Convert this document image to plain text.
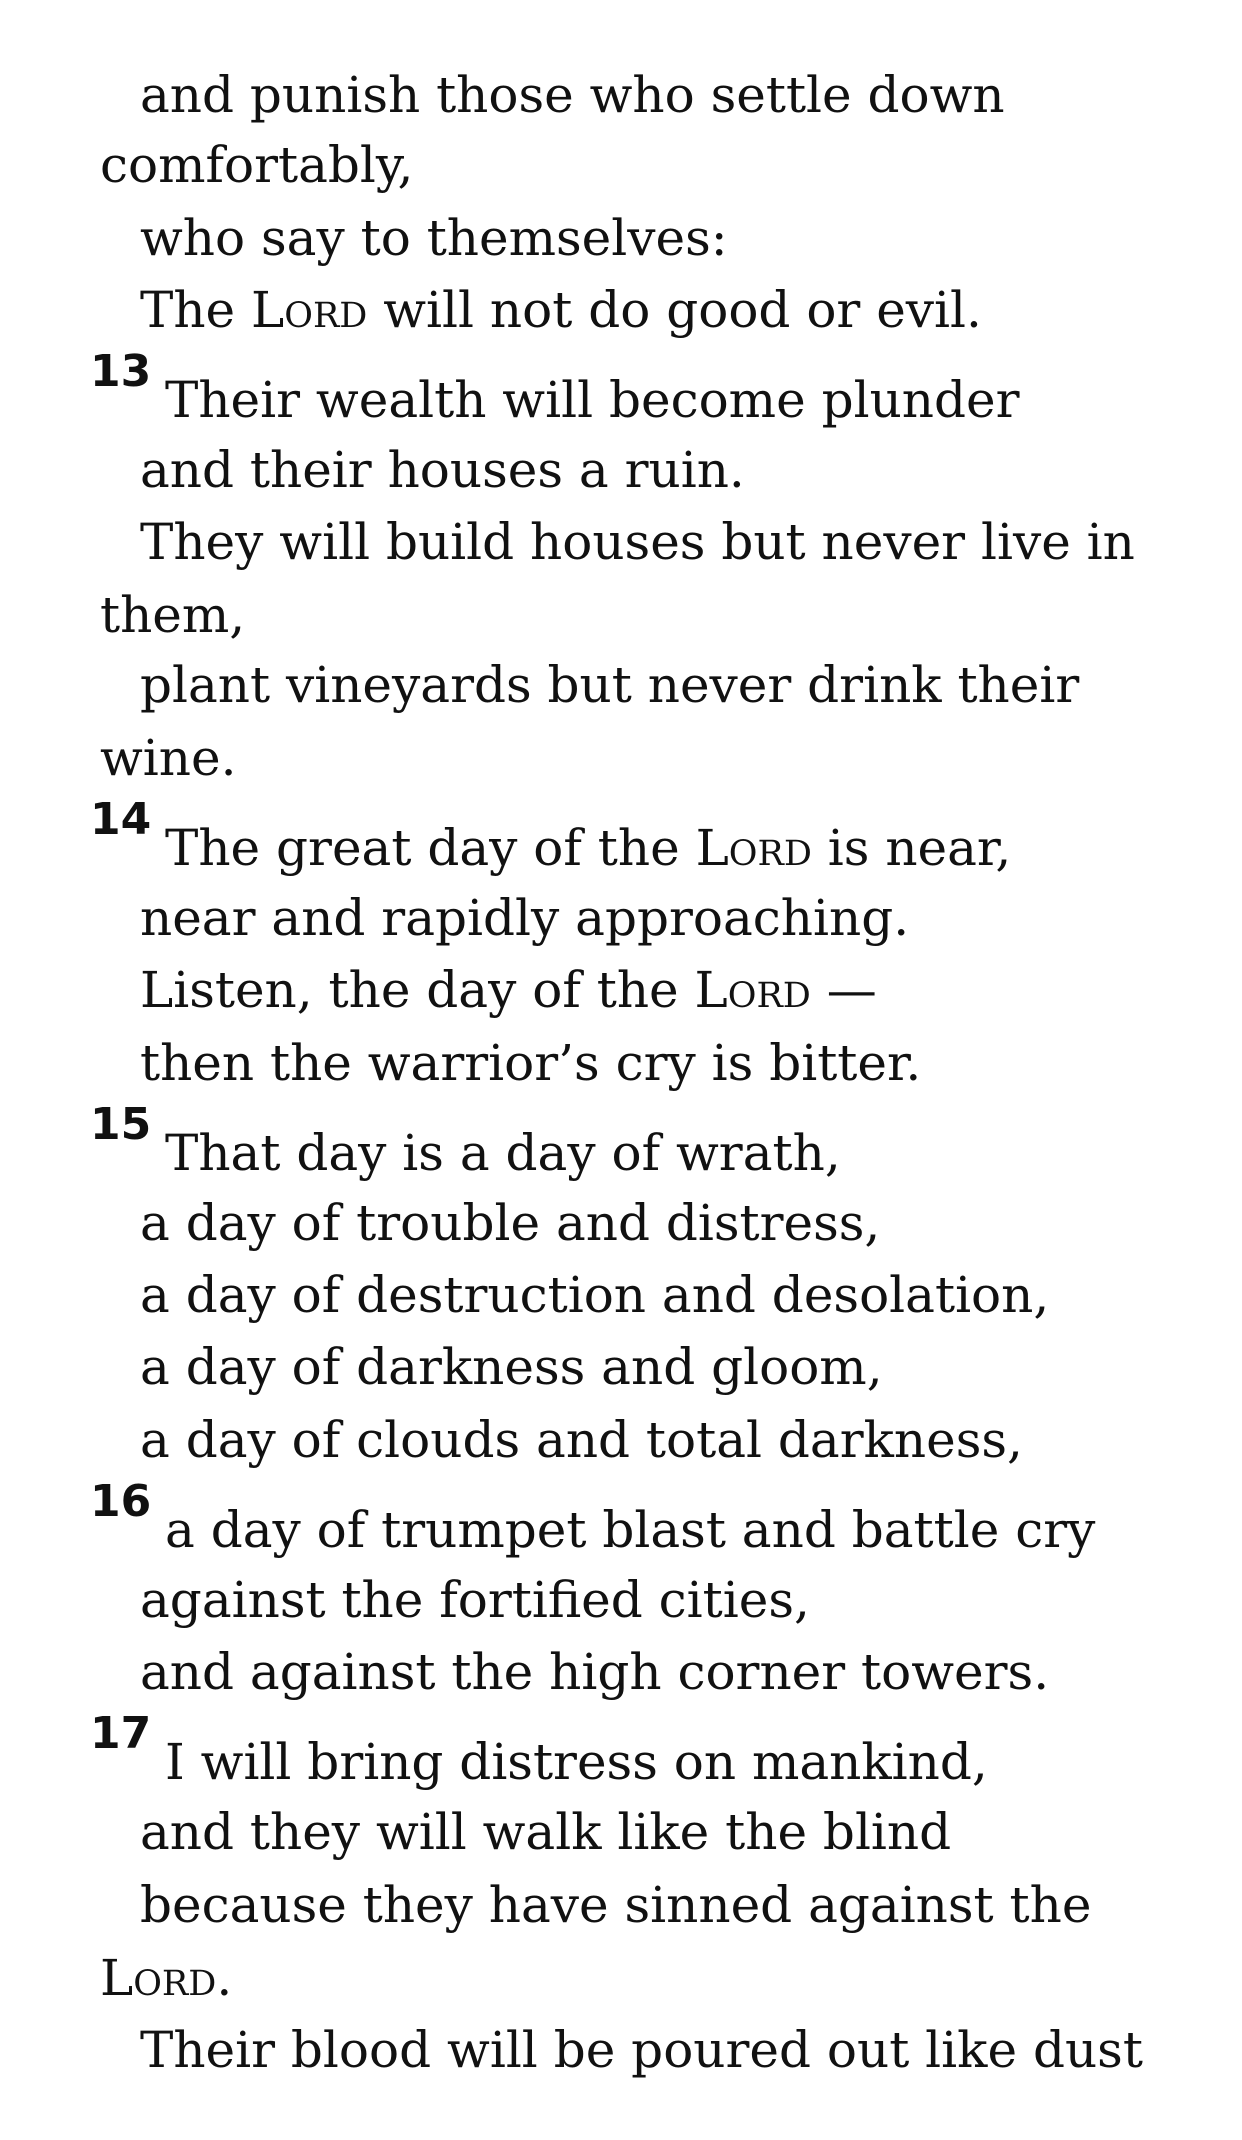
and punish those who settle down
comfortably,
who say to themselves:
The Lord will not do good or evil.
13 Their wealth will become plunder
and their houses a ruin.
They will build houses but never live in
them,
plant vineyards but never drink their
wine.
14 The great day of the Lord is near,
near and rapidly approaching.
Listen, the day of the Lord —
then the warrior’s cry is bitter.
15 That day is a day of wrath,
a day of trouble and distress,
a day of destruction and desolation,
a day of darkness and gloom,
a day of clouds and total darkness,
16 a day of trumpet blast and battle cry
against the fortified cities,
and against the high corner towers.
17 I will bring distress on mankind,
and they will walk like the blind
because they have sinned against the
Lord.
Their blood will be poured out like dust
